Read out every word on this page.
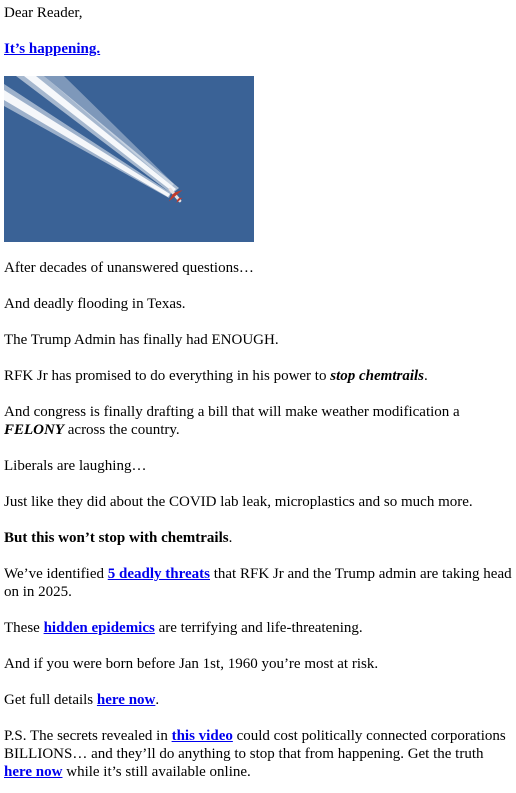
Dear Reader,

It’s happening.

After decades of unanswered questions…

And deadly flooding in Texas.

The Trump Admin has finally had ENOUGH.

RFK Jr has promised to do everything in his power to stop chemtrails.

And congress is finally drafting a bill that will make weather modification a FELONY across the country.

Liberals are laughing…

Just like they did about the COVID lab leak, microplastics and so much more.

But this won’t stop with chemtrails.

We’ve identified 5 deadly threats that RFK Jr and the Trump admin are taking head on in 2025.

These hidden epidemics are terrifying and life-threatening.

And if you were born before Jan 1st, 1960 you’re most at risk.

Get full details here now.

P.S. The secrets revealed in this video could cost politically connected corporations BILLIONS… and they’ll do anything to stop that from happening. Get the truth here now while it’s still available online.
